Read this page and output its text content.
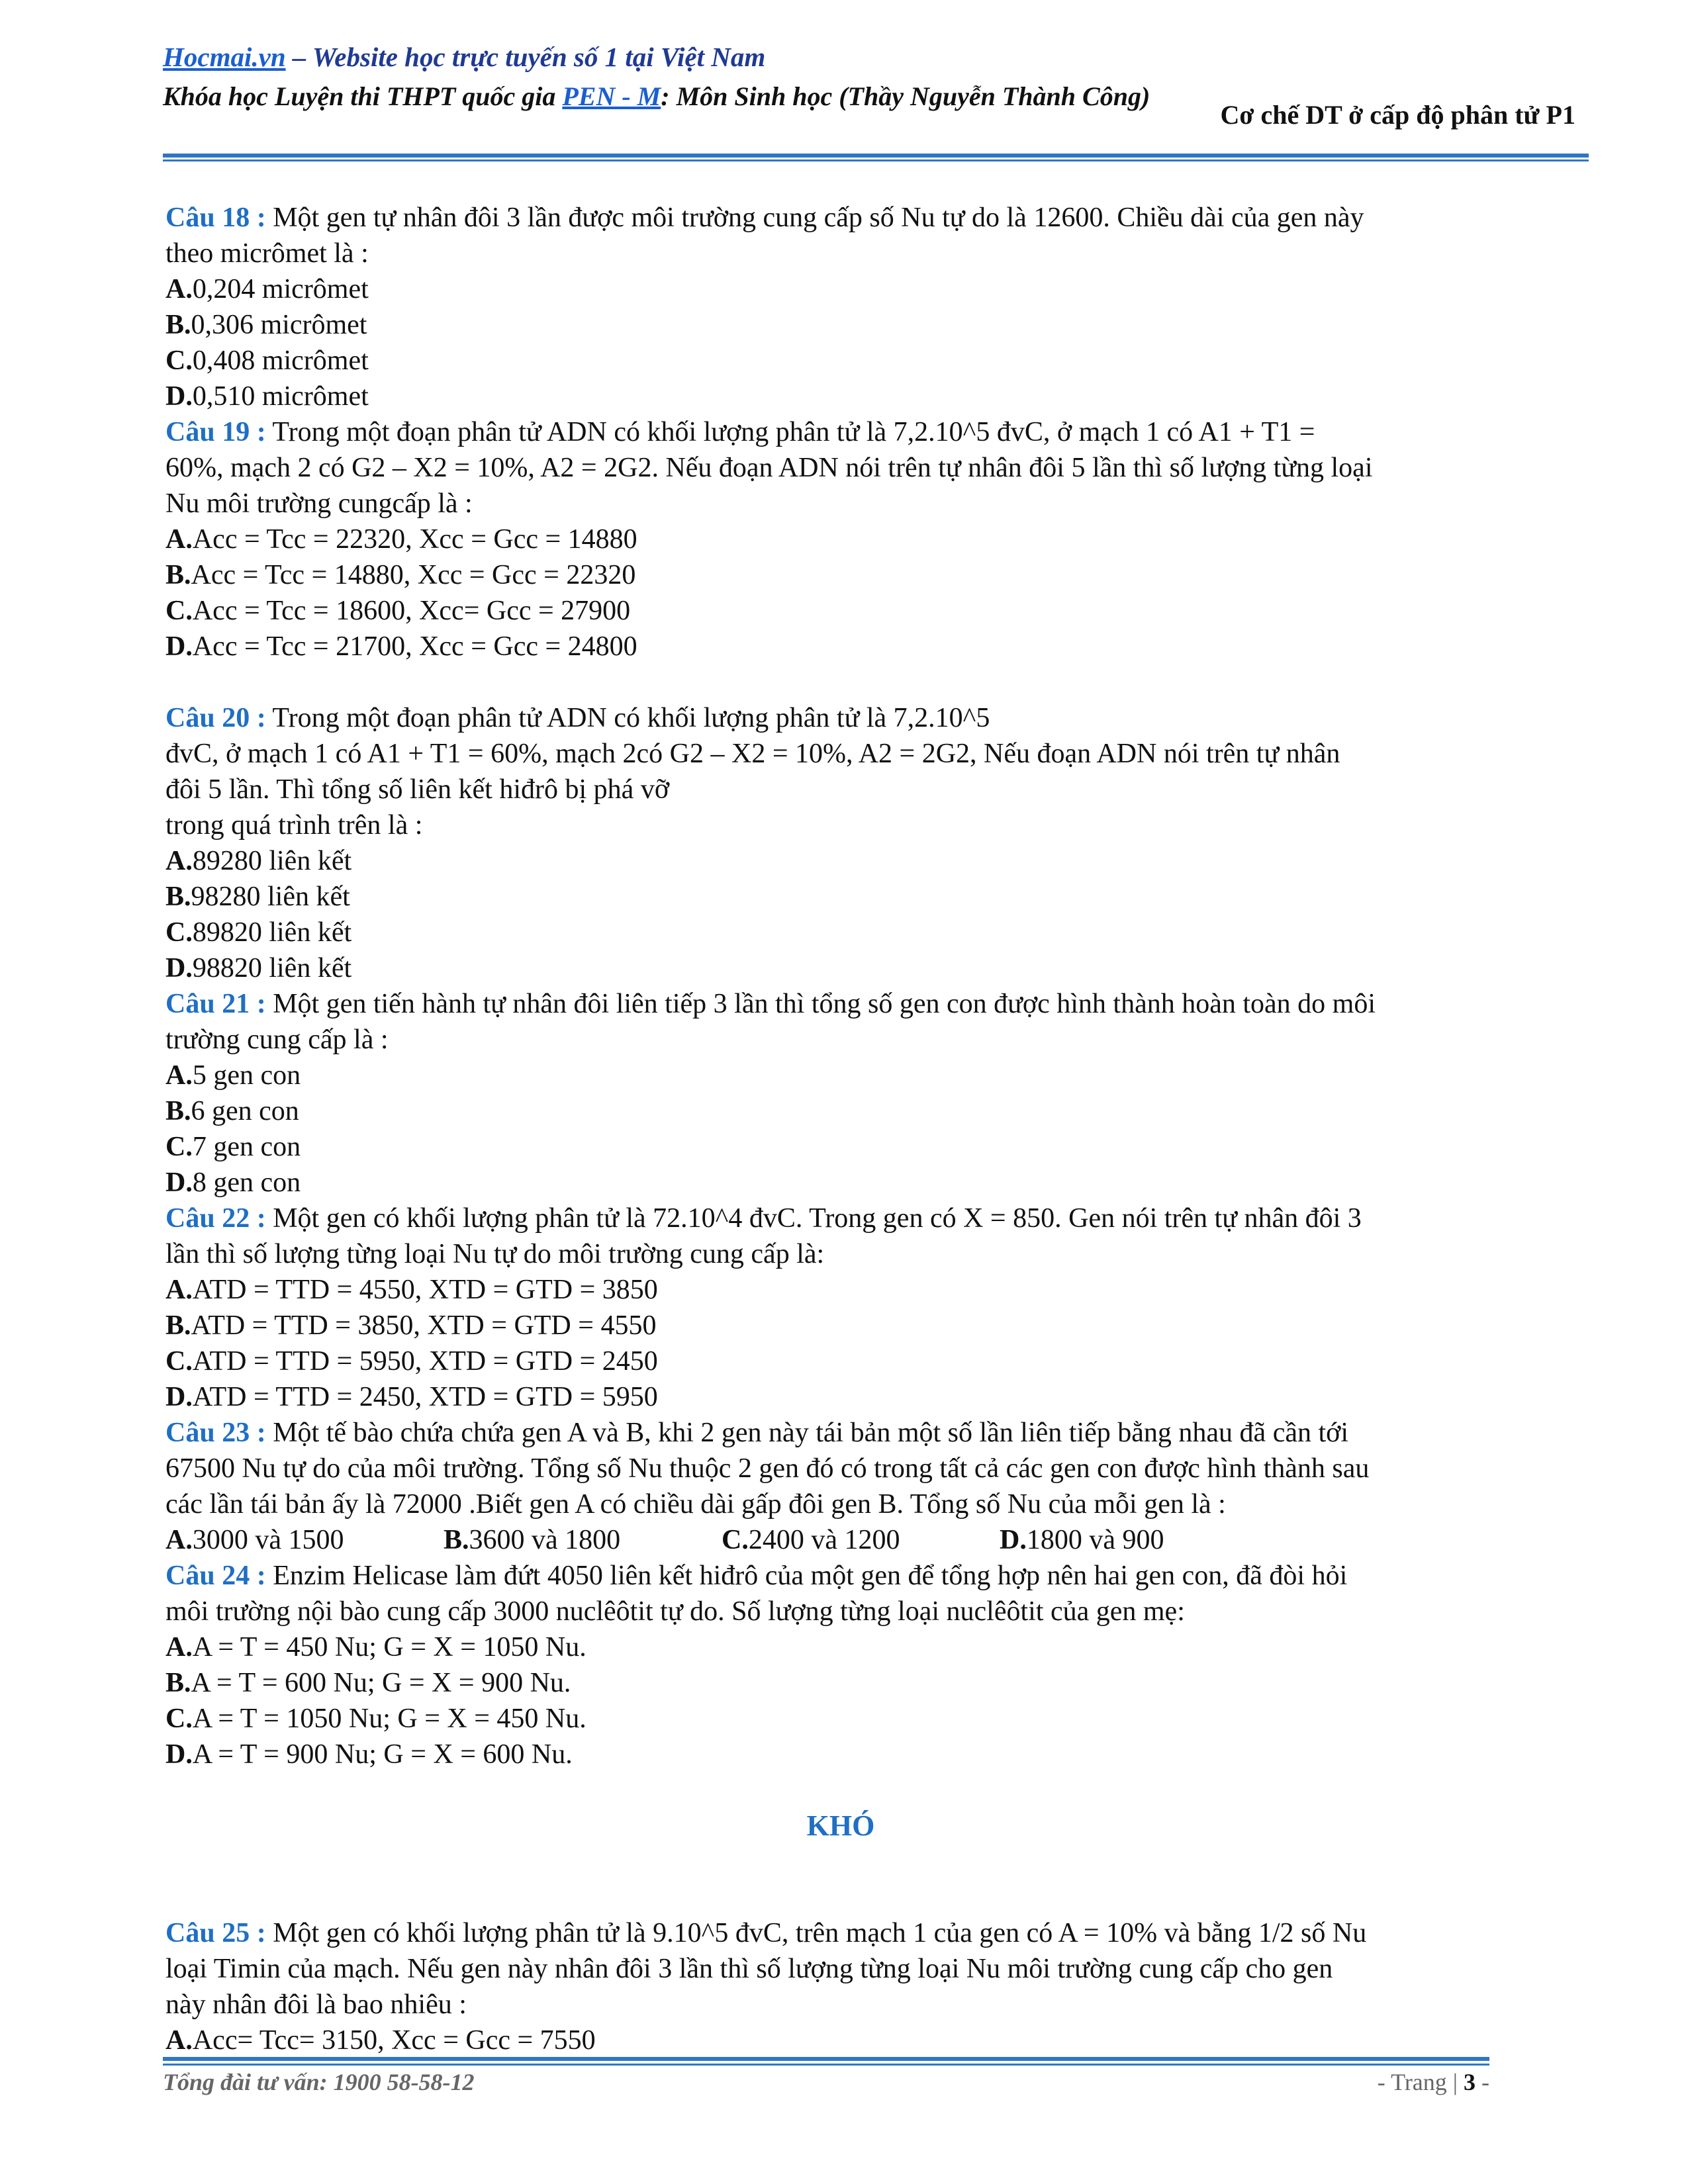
Hocmai.vn – Website học trực tuyến số 1 tại Việt Nam
Khóa học Luyện thi THPT quốc gia PEN - M: Môn Sinh học (Thầy Nguyễn Thành Công)
Cơ chế DT ở cấp độ phân tử P1

Câu 18 : Một gen tự nhân đôi 3 lần được môi trường cung cấp số Nu tự do là 12600. Chiều dài của gen này

theo micrômet là :

A.0,204 micrômet

B.0,306 micrômet

C.0,408 micrômet

D.0,510 micrômet

Câu 19 : Trong một đoạn phân tử ADN có khối lượng phân tử là 7,2.10^5 đvC, ở mạch 1 có A1 + T1 =

60%, mạch 2 có G2 – X2 = 10%, A2 = 2G2. Nếu đoạn ADN nói trên tự nhân đôi 5 lần thì số lượng từng loại

Nu môi trường cungcấp là :

A.Acc = Tcc = 22320, Xcc = Gcc = 14880

B.Acc = Tcc = 14880, Xcc = Gcc = 22320

C.Acc = Tcc = 18600, Xcc= Gcc = 27900

D.Acc = Tcc = 21700, Xcc = Gcc = 24800

Câu 20 : Trong một đoạn phân tử ADN có khối lượng phân tử là 7,2.10^5

đvC, ở mạch 1 có A1 + T1 = 60%, mạch 2có G2 – X2 = 10%, A2 = 2G2, Nếu đoạn ADN nói trên tự nhân

đôi 5 lần. Thì tổng số liên kết hiđrô bị phá vỡ

trong quá trình trên là :

A.89280 liên kết

B.98280 liên kết

C.89820 liên kết

D.98820 liên kết

Câu 21 : Một gen tiến hành tự nhân đôi liên tiếp 3 lần thì tổng số gen con được hình thành hoàn toàn do môi

trường cung cấp là :

A.5 gen con

B.6 gen con

C.7 gen con

D.8 gen con

Câu 22 : Một gen có khối lượng phân tử là 72.10^4 đvC. Trong gen có X = 850. Gen nói trên tự nhân đôi 3

lần thì số lượng từng loại Nu tự do môi trường cung cấp là:

A.ATD = TTD = 4550, XTD = GTD = 3850

B.ATD = TTD = 3850, XTD = GTD = 4550

C.ATD = TTD = 5950, XTD = GTD = 2450

D.ATD = TTD = 2450, XTD = GTD = 5950

Câu 23 : Một tế bào chứa chứa gen A và B, khi 2 gen này tái bản một số lần liên tiếp bằng nhau đã cần tới

67500 Nu tự do của môi trường. Tổng số Nu thuộc 2 gen đó có trong tất cả các gen con được hình thành sau

các lần tái bản ấy là 72000 .Biết gen A có chiều dài gấp đôi gen B. Tổng số Nu của mỗi gen là :

A.3000 và 1500	B.3600 và 1800	C.2400 và 1200	D.1800 và 900

Câu 24 : Enzim Helicase làm đứt 4050 liên kết hiđrô của một gen để tổng hợp nên hai gen con, đã đòi hỏi

môi trường nội bào cung cấp 3000 nuclêôtit tự do. Số lượng từng loại nuclêôtit của gen mẹ:

A.A = T = 450 Nu; G = X = 1050 Nu.

B.A = T = 600 Nu; G = X = 900 Nu.

C.A = T = 1050 Nu; G = X = 450 Nu.

D.A = T = 900 Nu; G = X = 600 Nu.

KHÓ

Câu 25 : Một gen có khối lượng phân tử là 9.10^5 đvC, trên mạch 1 của gen có A = 10% và bằng 1/2 số Nu

loại Timin của mạch. Nếu gen này nhân đôi 3 lần thì số lượng từng loại Nu môi trường cung cấp cho gen

này nhân đôi là bao nhiêu :

A.Acc= Tcc= 3150, Xcc = Gcc = 7550

Tổng đài tư vấn: 1900 58-58-12	- Trang | 3 -
